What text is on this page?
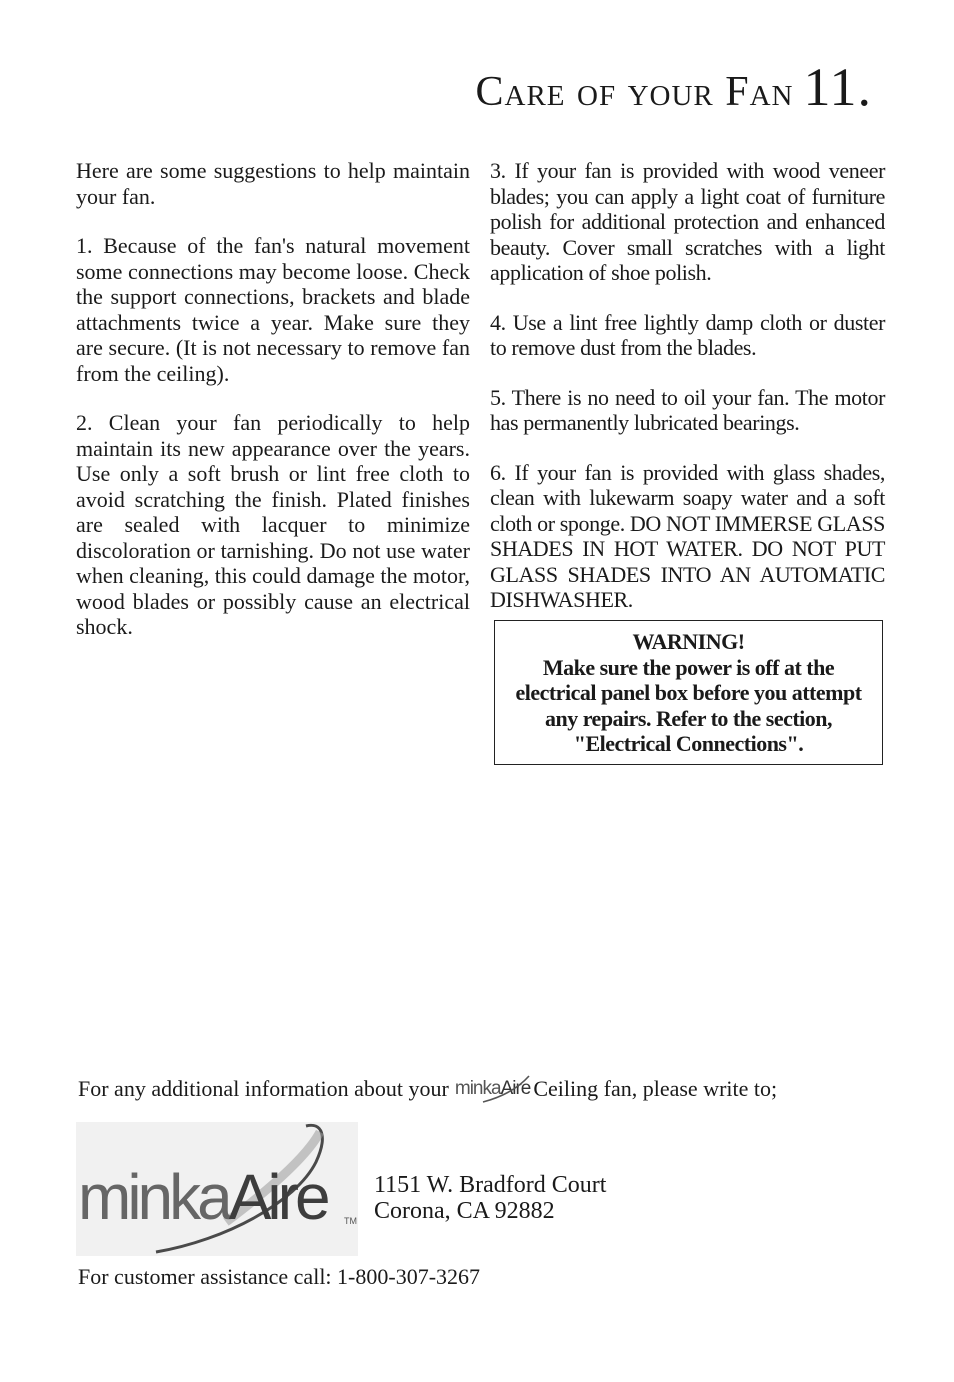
Care of your Fan 11.

Here are some suggestions to help maintain your fan.

1. Because of the fan's natural movement some connections may become loose. Check the support connections, brackets and blade attachments twice a year. Make sure they are secure. (It is not necessary to remove fan from the ceiling).

2. Clean your fan periodically to help maintain its new appearance over the years. Use only a soft brush or lint free cloth to avoid scratching the finish. Plated finishes are sealed with lacquer to minimize discoloration or tarnishing. Do not use water when cleaning, this could damage the motor, wood blades or possibly cause an electrical shock.

3. If your fan is provided with wood veneer blades; you can apply a light coat of furniture polish for additional protection and enhanced beauty. Cover small scratches with a light application of shoe polish.

4. Use a lint free lightly damp cloth or duster to remove dust from the blades.

5. There is no need to oil your fan. The motor has permanently lubricated bearings.

6. If your fan is provided with glass shades, clean with lukewarm soapy water and a soft cloth or sponge. DO NOT IMMERSE GLASS SHADES IN HOT WATER. DO NOT PUT GLASS SHADES INTO AN AUTOMATIC DISHWASHER.

WARNING!
Make sure the power is off at the electrical panel box before you attempt any repairs. Refer to the section, "Electrical Connections".
For any additional information about your minkaAire Ceiling fan, please write to;
minkaAire TM
1151 W. Bradford Court
Corona, CA 92882
For customer assistance call: 1-800-307-3267
